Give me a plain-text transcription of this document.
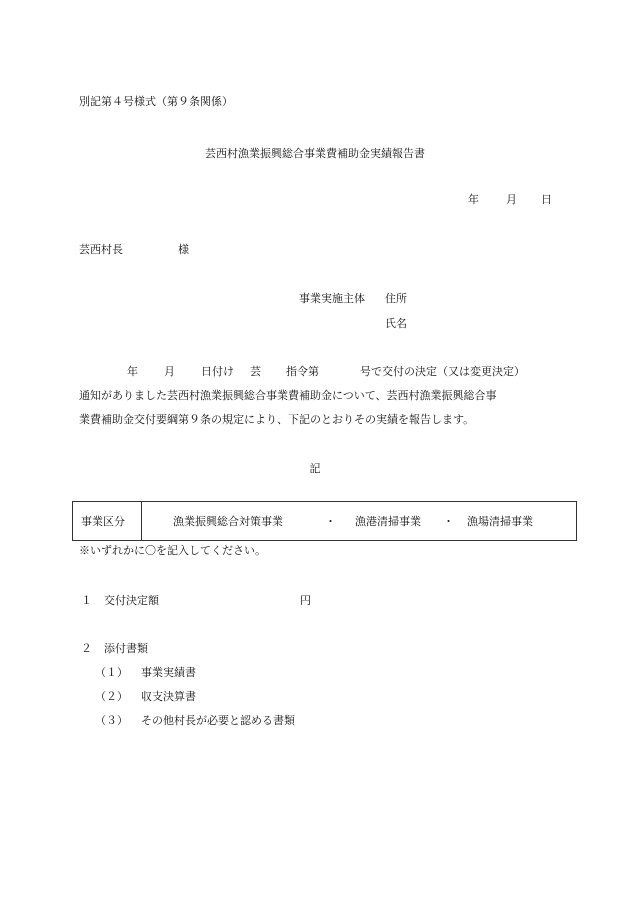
別記第４号様式（第９条関係）
芸西村漁業振興総合事業費補助金実績報告書
年 月 日
芸西村長	様
事業実施主体 住所
氏名
年 月 日付け 芸 指令第	号で交付の決定（又は変更決定）
通知がありました芸西村漁業振興総合事業費補助金について、芸西村漁業振興総合事
業費補助金交付要綱第９条の規定により、下記のとおりその実績を報告します。
記
事業区分	漁業振興総合対策事業	・ 漁港清掃事業 ・ 漁場清掃事業
※いずれかに〇を記入してください。
１ 交付決定額	円
２ 添付書類
（１） 事業実績書
（２） 収支決算書
（３） その他村長が必要と認める書類
